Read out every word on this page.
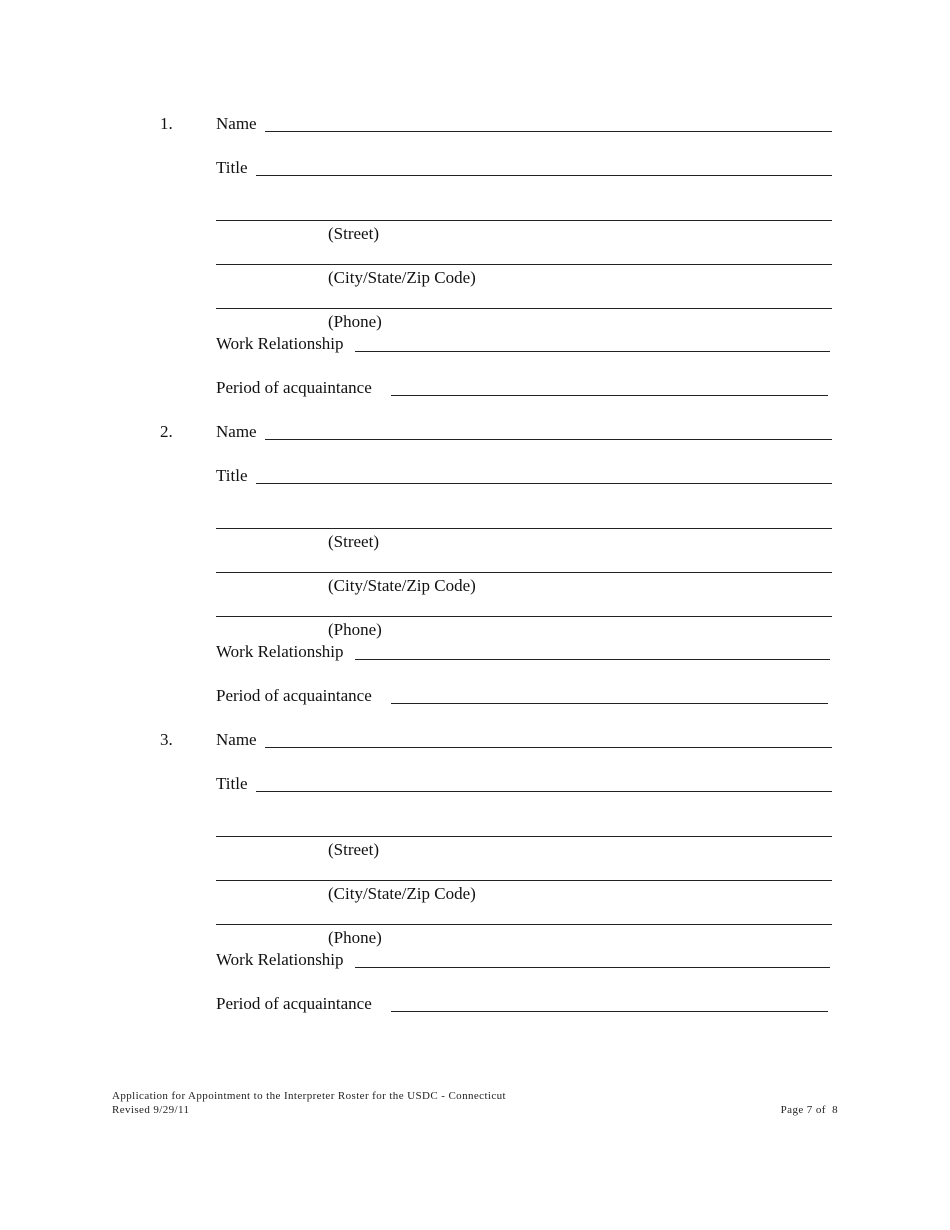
1.	Name
Title
(Street)
(City/State/Zip Code)
(Phone)
Work Relationship
Period of acquaintance
2.	Name
Title
(Street)
(City/State/Zip Code)
(Phone)
Work Relationship
Period of acquaintance
3.	Name
Title
(Street)
(City/State/Zip Code)
(Phone)
Work Relationship
Period of acquaintance
Application for Appointment to the Interpreter Roster for the USDC - Connecticut
Revised 9/29/11	Page 7 of  8
